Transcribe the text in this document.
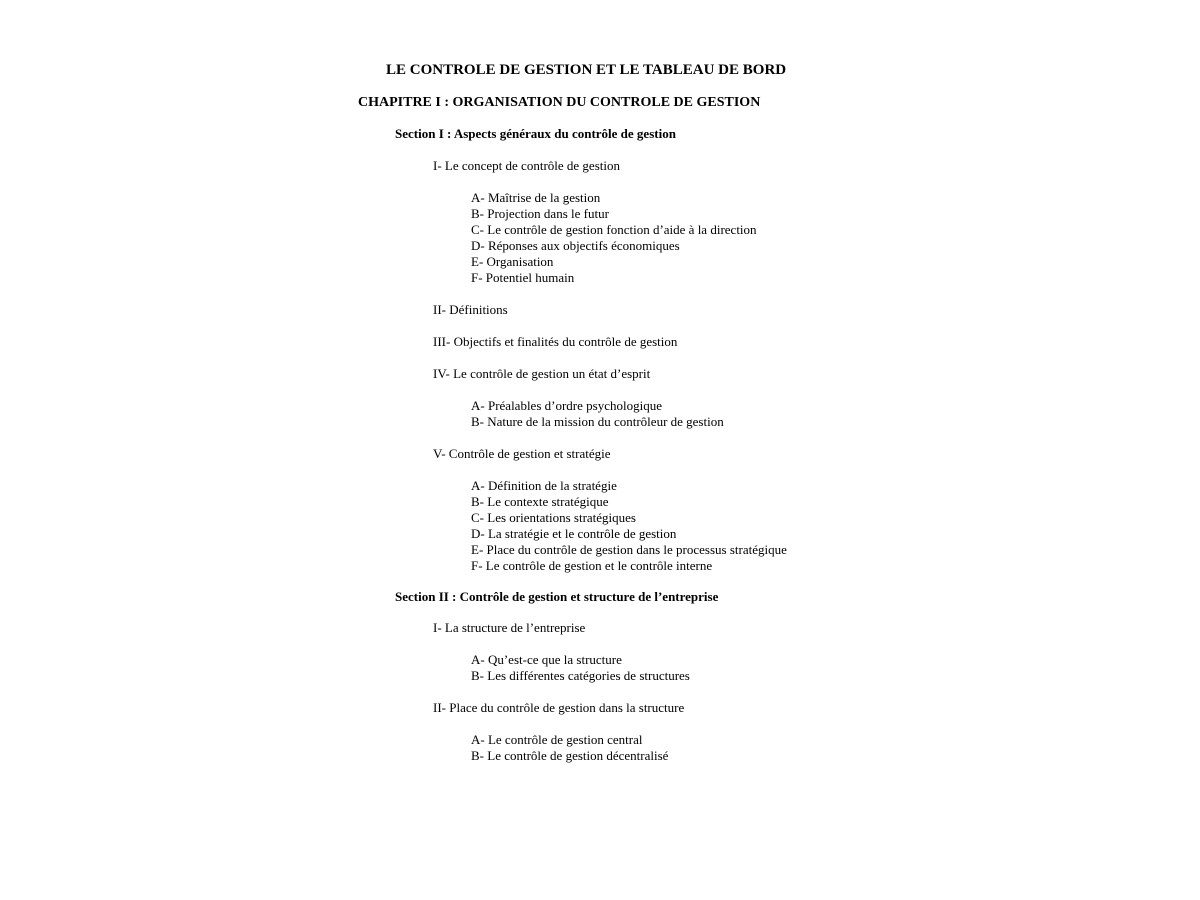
LE CONTROLE DE GESTION ET LE TABLEAU DE BORD
CHAPITRE I : ORGANISATION DU CONTROLE DE GESTION
Section I : Aspects généraux du contrôle de gestion
I- Le concept de contrôle de gestion
A- Maîtrise de la gestion
B- Projection dans le futur
C- Le contrôle de gestion fonction d’aide à la direction
D- Réponses aux objectifs économiques
E- Organisation
F- Potentiel humain
II- Définitions
III- Objectifs et finalités du contrôle de gestion
IV- Le contrôle de gestion un état d’esprit
A- Préalables d’ordre psychologique
B- Nature de la mission du contrôleur de gestion
V- Contrôle de gestion et stratégie
A- Définition de la stratégie
B- Le contexte stratégique
C- Les orientations stratégiques
D- La stratégie et le contrôle de gestion
E- Place du contrôle de gestion dans le processus stratégique
F- Le contrôle de gestion et le contrôle interne
Section II : Contrôle de gestion et structure de l’entreprise
I- La structure de l’entreprise
A- Qu’est-ce que la structure
B- Les différentes catégories de structures
II- Place du contrôle de gestion dans la structure
A- Le contrôle de gestion central
B- Le contrôle de gestion décentralisé
